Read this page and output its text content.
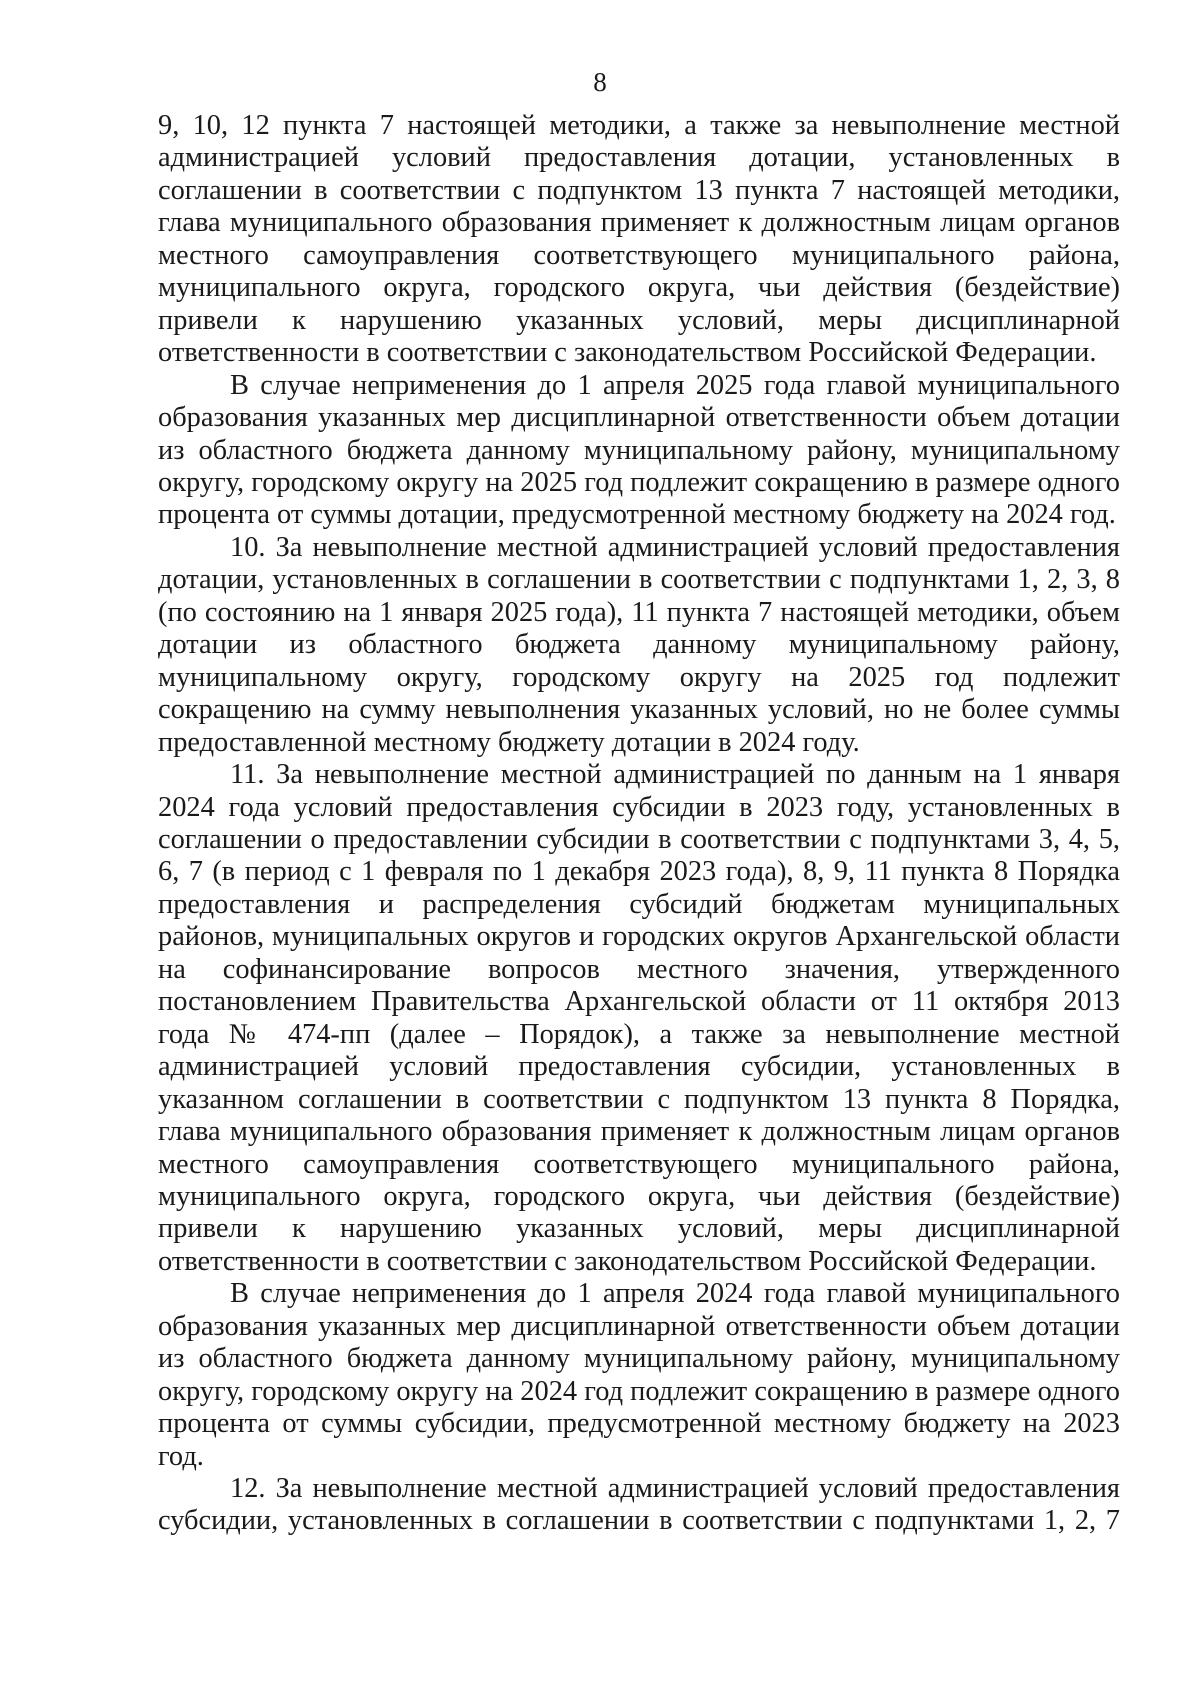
8

9, 10, 12 пункта 7 настоящей методики, а также за невыполнение местной администрацией условий предоставления дотации, установленных в соглашении в соответствии с подпунктом 13 пункта 7 настоящей методики, глава муниципального образования применяет к должностным лицам органов местного самоуправления соответствующего муниципального района, муниципального округа, городского округа, чьи действия (бездействие) привели к нарушению указанных условий, меры дисциплинарной ответственности в соответствии с законодательством Российской Федерации.

В случае неприменения до 1 апреля 2025 года главой муниципального образования указанных мер дисциплинарной ответственности объем дотации из областного бюджета данному муниципальному району, муниципальному округу, городскому округу на 2025 год подлежит сокращению в размере одного процента от суммы дотации, предусмотренной местному бюджету на 2024 год.

10. За невыполнение местной администрацией условий предоставления дотации, установленных в соглашении в соответствии с подпунктами 1, 2, 3, 8 (по состоянию на 1 января 2025 года), 11 пункта 7 настоящей методики, объем дотации из областного бюджета данному муниципальному району, муниципальному округу, городскому округу на 2025 год подлежит сокращению на сумму невыполнения указанных условий, но не более суммы предоставленной местному бюджету дотации в 2024 году.

11. За невыполнение местной администрацией по данным на 1 января 2024 года условий предоставления субсидии в 2023 году, установленных в соглашении о предоставлении субсидии в соответствии с подпунктами 3, 4, 5, 6, 7 (в период с 1 февраля по 1 декабря 2023 года), 8, 9, 11 пункта 8 Порядка предоставления и распределения субсидий бюджетам муниципальных районов, муниципальных округов и городских округов Архангельской области на софинансирование вопросов местного значения, утвержденного постановлением Правительства Архангельской области от 11 октября 2013 года № 474-пп (далее – Порядок), а также за невыполнение местной администрацией условий предоставления субсидии, установленных в указанном соглашении в соответствии с подпунктом 13 пункта 8 Порядка, глава муниципального образования применяет к должностным лицам органов местного самоуправления соответствующего муниципального района, муниципального округа, городского округа, чьи действия (бездействие) привели к нарушению указанных условий, меры дисциплинарной ответственности в соответствии с законодательством Российской Федерации.

В случае неприменения до 1 апреля 2024 года главой муниципального образования указанных мер дисциплинарной ответственности объем дотации из областного бюджета данному муниципальному району, муниципальному округу, городскому округу на 2024 год подлежит сокращению в размере одного процента от суммы субсидии, предусмотренной местному бюджету на 2023 год.

12. За невыполнение местной администрацией условий предоставления субсидии, установленных в соглашении в соответствии с подпунктами 1, 2, 7
